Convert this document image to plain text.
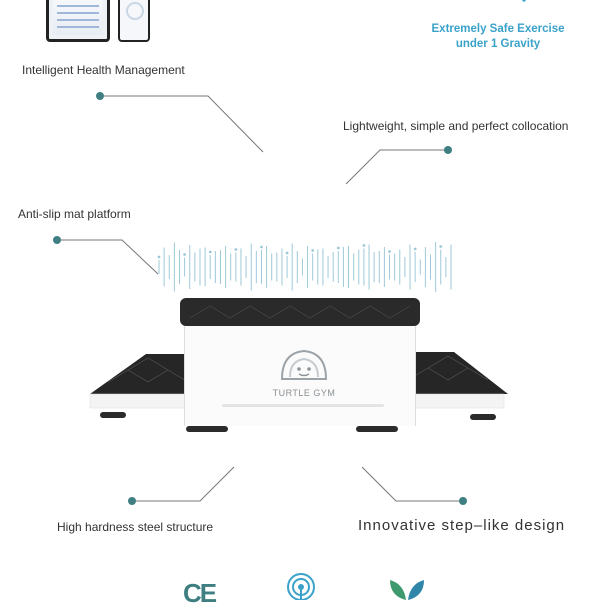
Extremely Safe Exercise
under 1 Gravity
Intelligent Health Management
Lightweight, simple and perfect collocation
Anti-slip mat platform
High hardness steel structure	Innovative step–like design
TURTLE GYM
CE
